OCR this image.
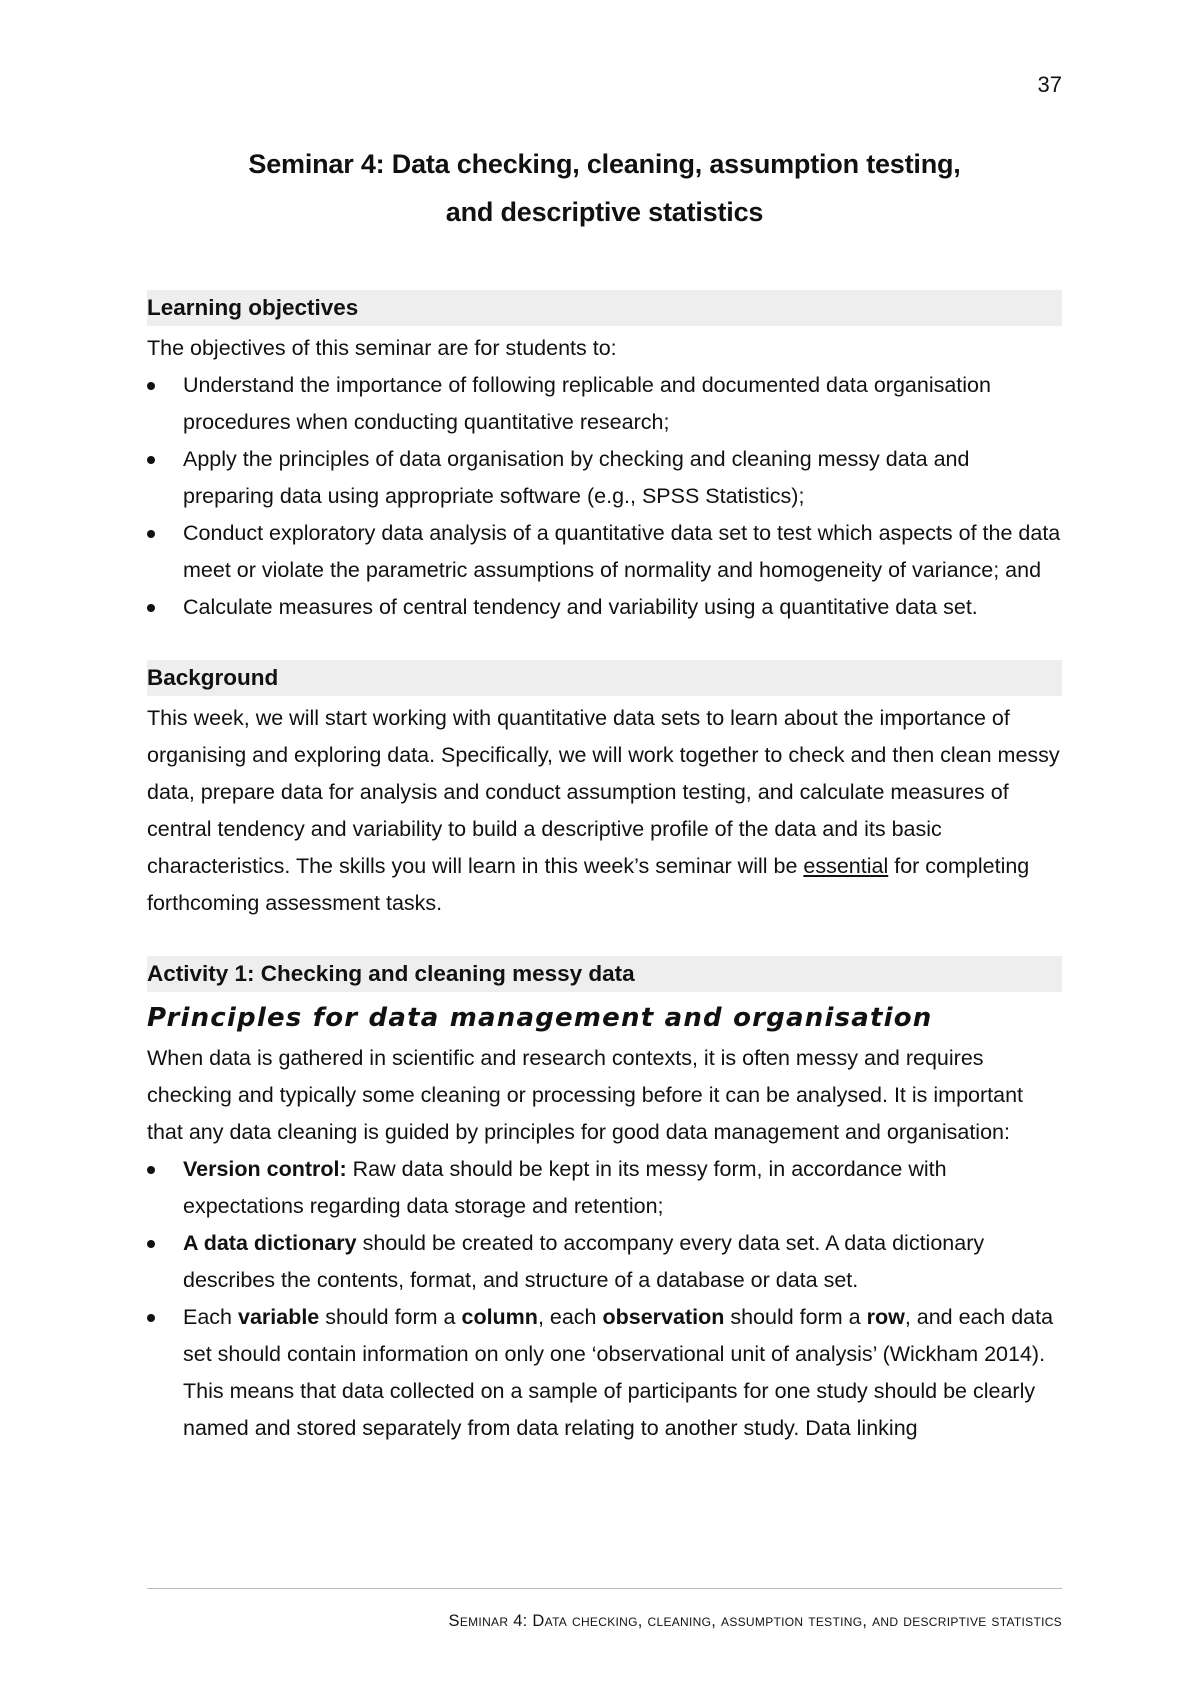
37
Seminar 4: Data checking, cleaning, assumption testing,
and descriptive statistics
Learning objectives

The objectives of this seminar are for students to:

Understand the importance of following replicable and documented data organisation procedures when conducting quantitative research;
Apply the principles of data organisation by checking and cleaning messy data and preparing data using appropriate software (e.g., SPSS Statistics);
Conduct exploratory data analysis of a quantitative data set to test which aspects of the data meet or violate the parametric assumptions of normality and homogeneity of variance; and
Calculate measures of central tendency and variability using a quantitative data set.
Background

This week, we will start working with quantitative data sets to learn about the importance of organising and exploring data. Specifically, we will work together to check and then clean messy data, prepare data for analysis and conduct assumption testing, and calculate measures of central tendency and variability to build a descriptive profile of the data and its basic characteristics. The skills you will learn in this week’s seminar will be essential for completing forthcoming assessment tasks.

Activity 1: Checking and cleaning messy data
Principles for data management and organisation

When data is gathered in scientific and research contexts, it is often messy and requires checking and typically some cleaning or processing before it can be analysed. It is important that any data cleaning is guided by principles for good data management and organisation:

Version control: Raw data should be kept in its messy form, in accordance with expectations regarding data storage and retention;
A data dictionary should be created to accompany every data set. A data dictionary describes the contents, format, and structure of a database or data set.
Each variable should form a column, each observation should form a row, and each data set should contain information on only one ‘observational unit of analysis’ (Wickham 2014). This means that data collected on a sample of participants for one study should be clearly named and stored separately from data relating to another study. Data linking
Seminar 4: Data checking, cleaning, assumption testing, and descriptive statistics
